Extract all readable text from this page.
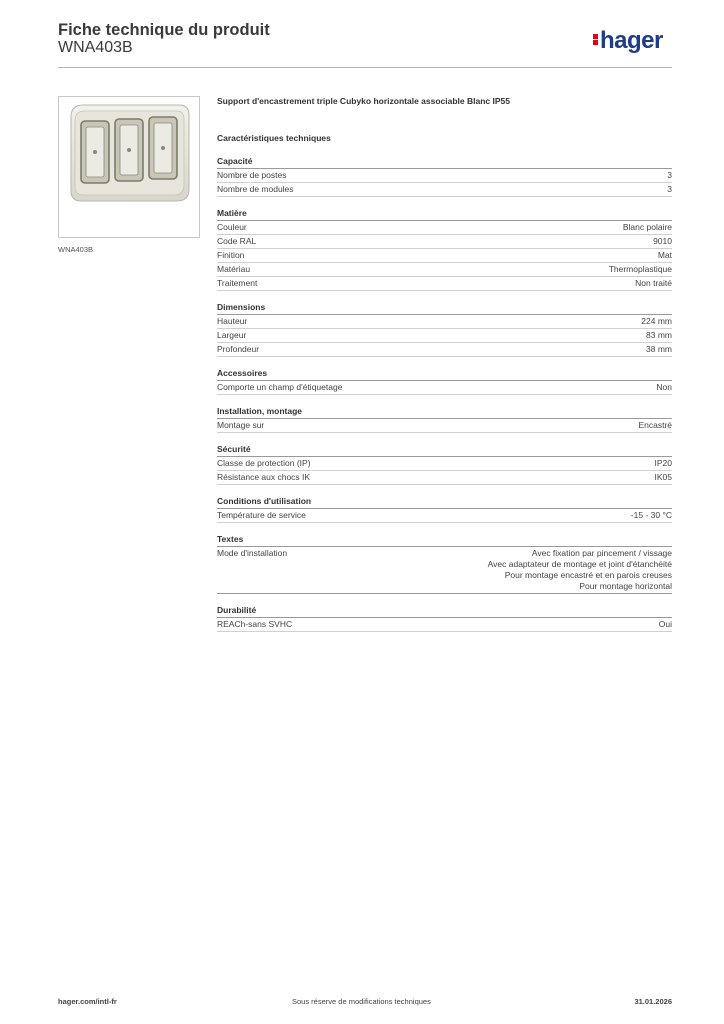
Fiche technique du produit
WNA403B	hager
WNA403B
Support d'encastrement triple Cubyko horizontale associable Blanc IP55
Caractéristiques techniques
Capacité
Nombre de postes	3
Nombre de modules	3
Matière
Couleur	Blanc polaire
Code RAL	9010
Finition	Mat
Matériau	Thermoplastique
Traitement	Non traité
Dimensions
Hauteur	224 mm
Largeur	83 mm
Profondeur	38 mm
Accessoires
Comporte un champ d'étiquetage	Non
Installation, montage
Montage sur	Encastré
Sécurité
Classe de protection (IP)	IP20
Résistance aux chocs IK	IK05
Conditions d'utilisation
Température de service	-15 - 30 °C
Textes
Mode d'installation	Avec fixation par pincement / vissage
Avec adaptateur de montage et joint d'étanchéité
Pour montage encastré et en parois creuses
Pour montage horizontal
Durabilité
REACh-sans SVHC	Oui
hager.com/intl-fr	Sous réserve de modifications techniques	31.01.2026
